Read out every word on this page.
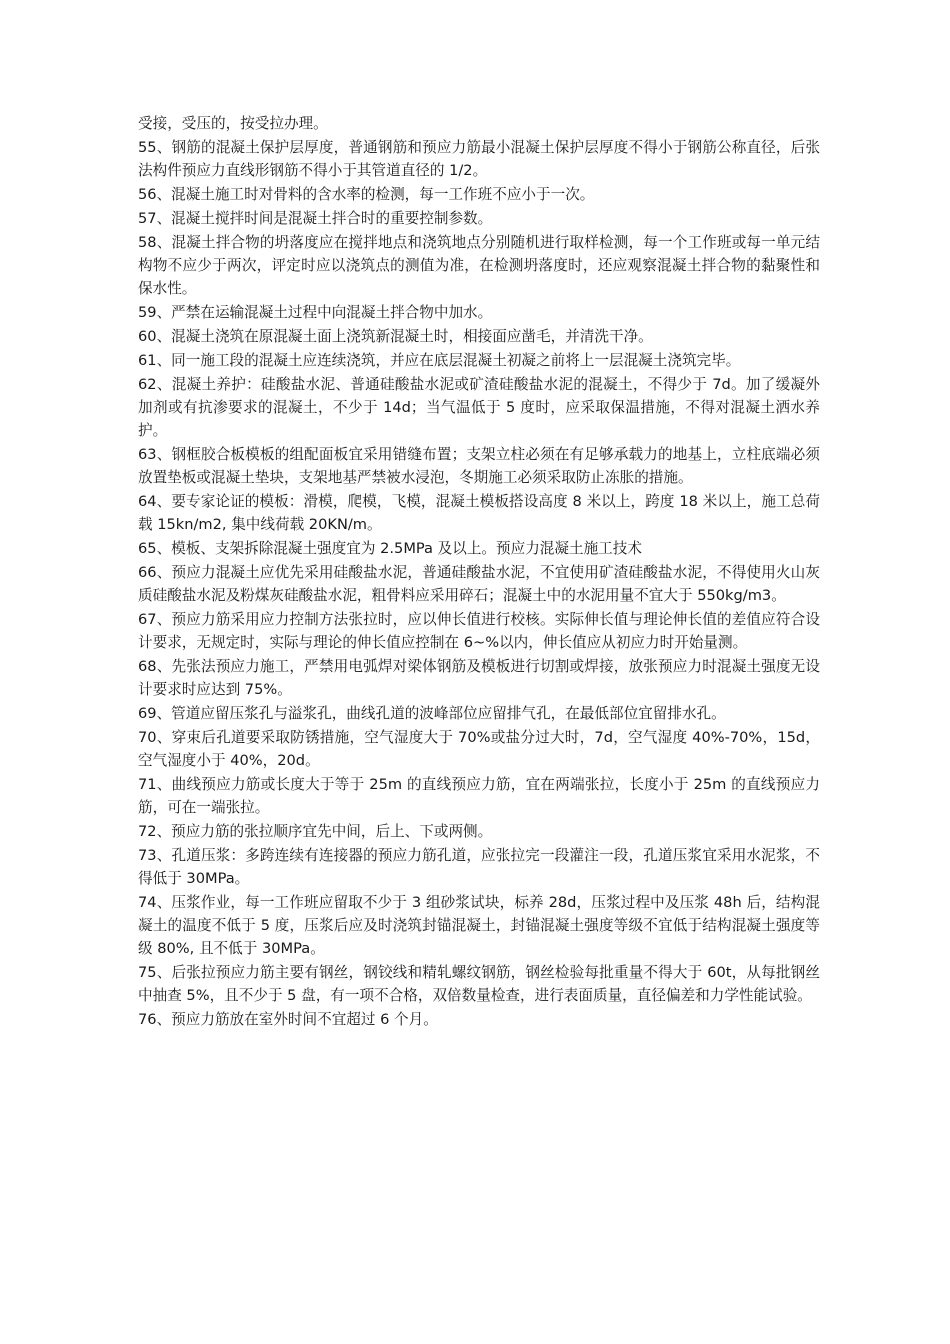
受接，受压的，按受拉办理。

55、钢筋的混凝土保护层厚度，普通钢筋和预应力筋最小混凝土保护层厚度不得小于钢筋公称直径，后张法构件预应力直线形钢筋不得小于其管道直径的 1/2。

56、混凝土施工时对骨料的含水率的检测，每一工作班不应小于一次。

57、混凝土搅拌时间是混凝土拌合时的重要控制参数。

58、混凝土拌合物的坍落度应在搅拌地点和浇筑地点分别随机进行取样检测，每一个工作班或每一单元结构物不应少于两次，评定时应以浇筑点的测值为准，在检测坍落度时，还应观察混凝土拌合物的黏聚性和保水性。

59、严禁在运输混凝土过程中向混凝土拌合物中加水。

60、混凝土浇筑在原混凝土面上浇筑新混凝土时，相接面应凿毛，并清洗干净。

61、同一施工段的混凝土应连续浇筑，并应在底层混凝土初凝之前将上一层混凝土浇筑完毕。

62、混凝土养护：硅酸盐水泥、普通硅酸盐水泥或矿渣硅酸盐水泥的混凝土，不得少于 7d。加了缓凝外加剂或有抗渗要求的混凝土，不少于 14d；当气温低于 5 度时，应采取保温措施，不得对混凝土洒水养护。

63、钢框胶合板模板的组配面板宜采用错缝布置；支架立柱必须在有足够承载力的地基上，立柱底端必须放置垫板或混凝土垫块，支架地基严禁被水浸泡，冬期施工必须采取防止冻胀的措施。

64、要专家论证的模板：滑模，爬模，飞模，混凝土模板搭设高度 8 米以上，跨度 18 米以上，施工总荷载 15kn/m2, 集中线荷载 20KN/m。

65、模板、支架拆除混凝土强度宜为 2.5MPa 及以上。预应力混凝土施工技术

66、预应力混凝土应优先采用硅酸盐水泥，普通硅酸盐水泥，不宜使用矿渣硅酸盐水泥，不得使用火山灰质硅酸盐水泥及粉煤灰硅酸盐水泥，粗骨料应采用碎石；混凝土中的水泥用量不宜大于 550kg/m3。

67、预应力筋采用应力控制方法张拉时，应以伸长值进行校核。实际伸长值与理论伸长值的差值应符合设计要求，无规定时，实际与理论的伸长值应控制在 6~%以内，伸长值应从初应力时开始量测。

68、先张法预应力施工，严禁用电弧焊对梁体钢筋及模板进行切割或焊接，放张预应力时混凝土强度无设计要求时应达到 75%。

69、管道应留压浆孔与溢浆孔，曲线孔道的波峰部位应留排气孔，在最低部位宜留排水孔。

70、穿束后孔道要采取防锈措施，空气湿度大于 70%或盐分过大时，7d，空气湿度 40%-70%，15d，空气湿度小于 40%，20d。

71、曲线预应力筋或长度大于等于 25m 的直线预应力筋，宜在两端张拉，长度小于 25m 的直线预应力筋，可在一端张拉。

72、预应力筋的张拉顺序宜先中间，后上、下或两侧。

73、孔道压浆：多跨连续有连接器的预应力筋孔道，应张拉完一段灌注一段，孔道压浆宜采用水泥浆，不得低于 30MPa。

74、压浆作业，每一工作班应留取不少于 3 组砂浆试块，标养 28d，压浆过程中及压浆 48h 后，结构混凝土的温度不低于 5 度，压浆后应及时浇筑封锚混凝土，封锚混凝土强度等级不宜低于结构混凝土强度等级 80%, 且不低于 30MPa。

75、后张拉预应力筋主要有钢丝，钢铰线和精轧螺纹钢筋，钢丝检验每批重量不得大于 60t，从每批钢丝中抽查 5%，且不少于 5 盘，有一项不合格，双倍数量检查，进行表面质量，直径偏差和力学性能试验。

76、预应力筋放在室外时间不宜超过 6 个月。
